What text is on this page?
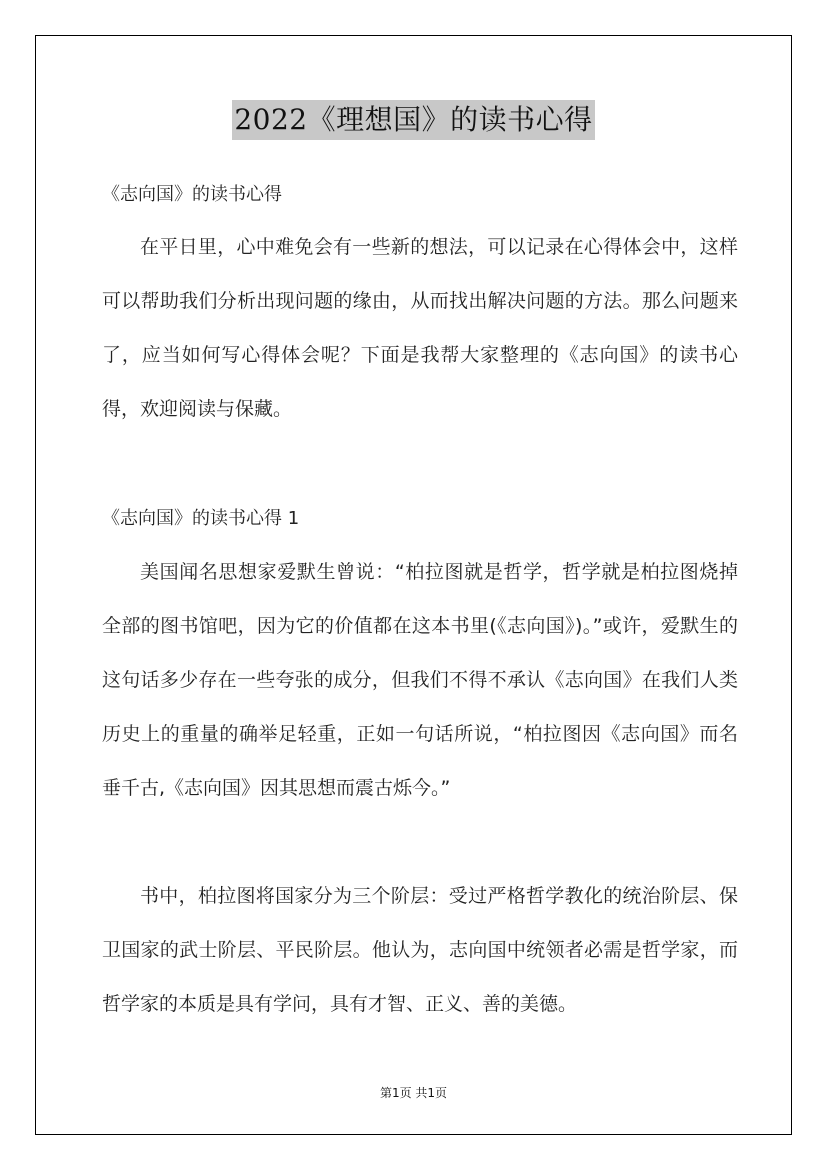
2022《理想国》的读书心得
《志向国》的读书心得

在平日里，心中难免会有一些新的想法，可以记录在心得体会中，这样可以帮助我们分析出现问题的缘由，从而找出解决问题的方法。那么问题来了，应当如何写心得体会呢？下面是我帮大家整理的《志向国》的读书心得，欢迎阅读与保藏。

《志向国》的读书心得 1

美国闻名思想家爱默生曾说：“柏拉图就是哲学，哲学就是柏拉图烧掉全部的图书馆吧，因为它的价值都在这本书里(《志向国》)。”或许，爱默生的这句话多少存在一些夸张的成分，但我们不得不承认《志向国》在我们人类历史上的重量的确举足轻重，正如一句话所说，“柏拉图因《志向国》而名垂千古,《志向国》因其思想而震古烁今。”

书中，柏拉图将国家分为三个阶层：受过严格哲学教化的统治阶层、保卫国家的武士阶层、平民阶层。他认为，志向国中统领者必需是哲学家，而哲学家的本质是具有学问，具有才智、正义、善的美德。

第1页 共1页
